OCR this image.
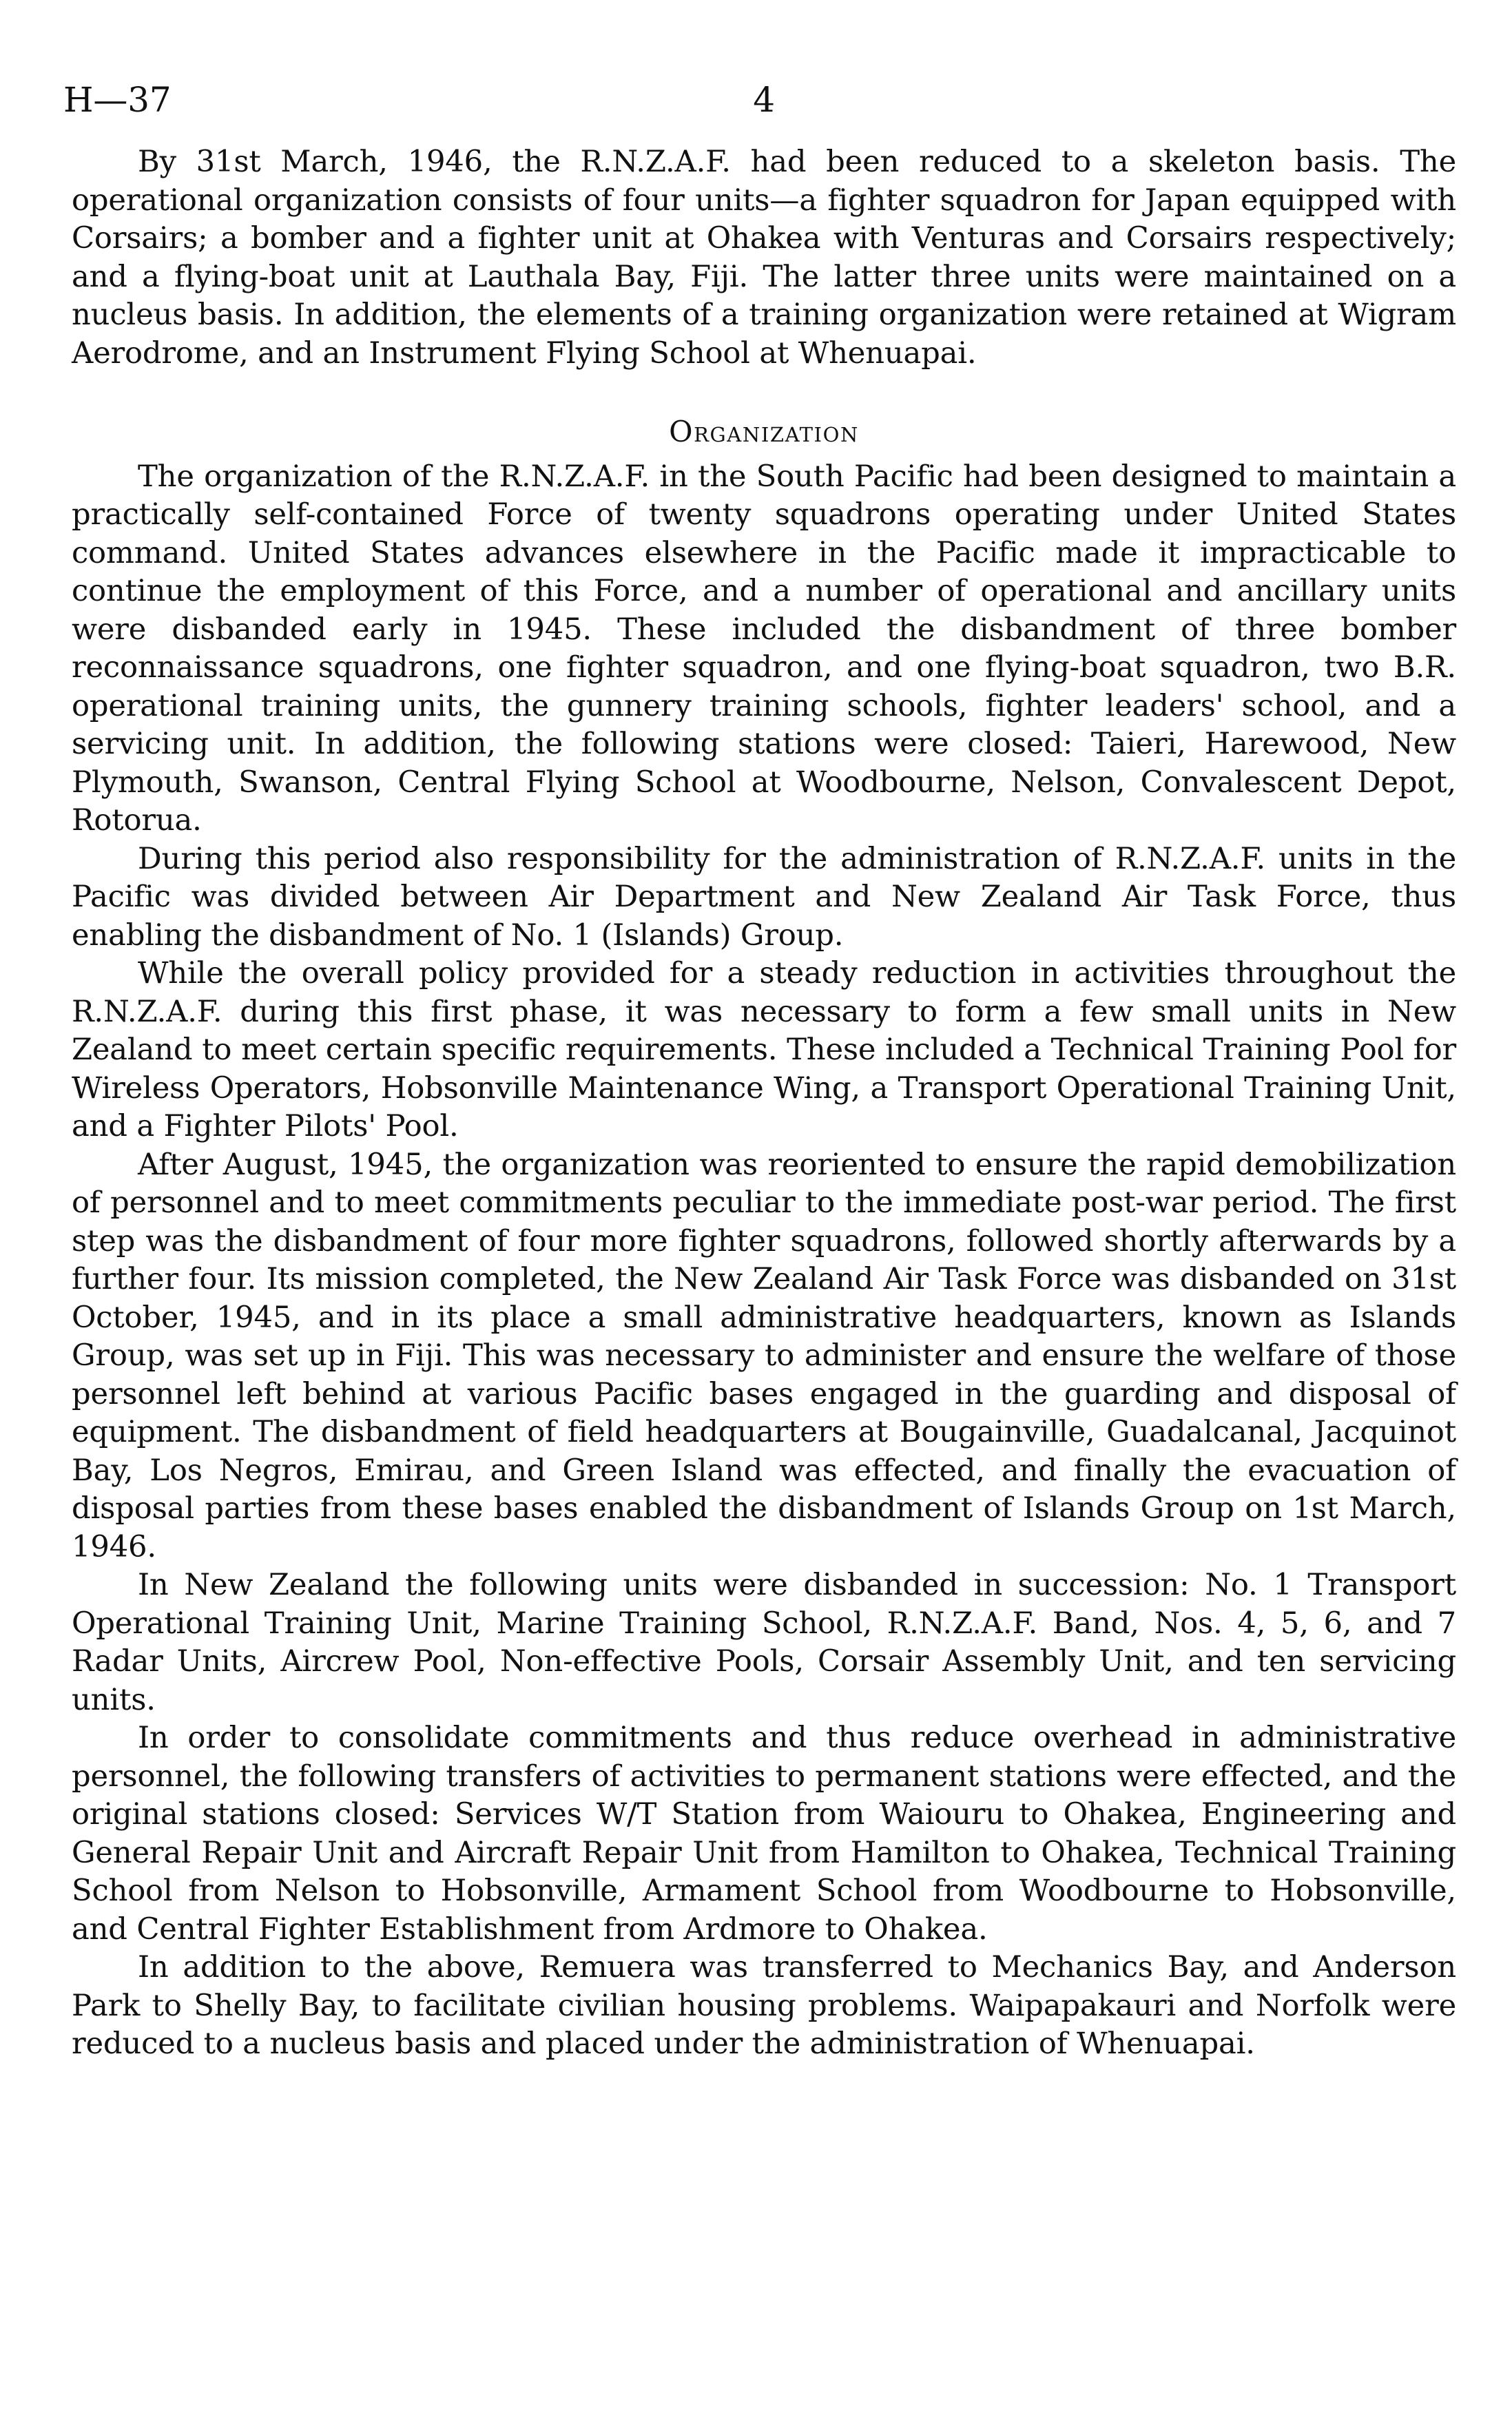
H—37	4

By 31st March, 1946, the R.N.Z.A.F. had been reduced to a skeleton basis. The operational organization consists of four units—a fighter squadron for Japan equipped with Corsairs; a bomber and a fighter unit at Ohakea with Venturas and Corsairs respectively; and a flying-boat unit at Lauthala Bay, Fiji. The latter three units were maintained on a nucleus basis. In addition, the elements of a training organization were retained at Wigram Aerodrome, and an Instrument Flying School at Whenuapai.

Organization

The organization of the R.N.Z.A.F. in the South Pacific had been designed to maintain a practically self-contained Force of twenty squadrons operating under United States command. United States advances elsewhere in the Pacific made it impracticable to continue the employment of this Force, and a number of operational and ancillary units were disbanded early in 1945. These included the disbandment of three bomber reconnaissance squadrons, one fighter squadron, and one flying-boat squadron, two B.R. operational training units, the gunnery training schools, fighter leaders' school, and a servicing unit. In addition, the following stations were closed: Taieri, Harewood, New Plymouth, Swanson, Central Flying School at Woodbourne, Nelson, Convalescent Depot, Rotorua.

During this period also responsibility for the administration of R.N.Z.A.F. units in the Pacific was divided between Air Department and New Zealand Air Task Force, thus enabling the disbandment of No. 1 (Islands) Group.

While the overall policy provided for a steady reduction in activities throughout the R.N.Z.A.F. during this first phase, it was necessary to form a few small units in New Zealand to meet certain specific requirements. These included a Technical Training Pool for Wireless Operators, Hobsonville Maintenance Wing, a Transport Operational Training Unit, and a Fighter Pilots' Pool.

After August, 1945, the organization was reoriented to ensure the rapid demobilization of personnel and to meet commitments peculiar to the immediate post-war period. The first step was the disbandment of four more fighter squadrons, followed shortly afterwards by a further four. Its mission completed, the New Zealand Air Task Force was disbanded on 31st October, 1945, and in its place a small administrative headquarters, known as Islands Group, was set up in Fiji. This was necessary to administer and ensure the welfare of those personnel left behind at various Pacific bases engaged in the guarding and disposal of equipment. The disbandment of field headquarters at Bougainville, Guadalcanal, Jacquinot Bay, Los Negros, Emirau, and Green Island was effected, and finally the evacuation of disposal parties from these bases enabled the disbandment of Islands Group on 1st March, 1946.

In New Zealand the following units were disbanded in succession: No. 1 Transport Operational Training Unit, Marine Training School, R.N.Z.A.F. Band, Nos. 4, 5, 6, and 7 Radar Units, Aircrew Pool, Non-effective Pools, Corsair Assembly Unit, and ten servicing units.

In order to consolidate commitments and thus reduce overhead in administrative personnel, the following transfers of activities to permanent stations were effected, and the original stations closed: Services W/T Station from Waiouru to Ohakea, Engineering and General Repair Unit and Aircraft Repair Unit from Hamilton to Ohakea, Technical Training School from Nelson to Hobsonville, Armament School from Woodbourne to Hobsonville, and Central Fighter Establishment from Ardmore to Ohakea.

In addition to the above, Remuera was transferred to Mechanics Bay, and Anderson Park to Shelly Bay, to facilitate civilian housing problems. Waipapakauri and Norfolk were reduced to a nucleus basis and placed under the administration of Whenuapai.
